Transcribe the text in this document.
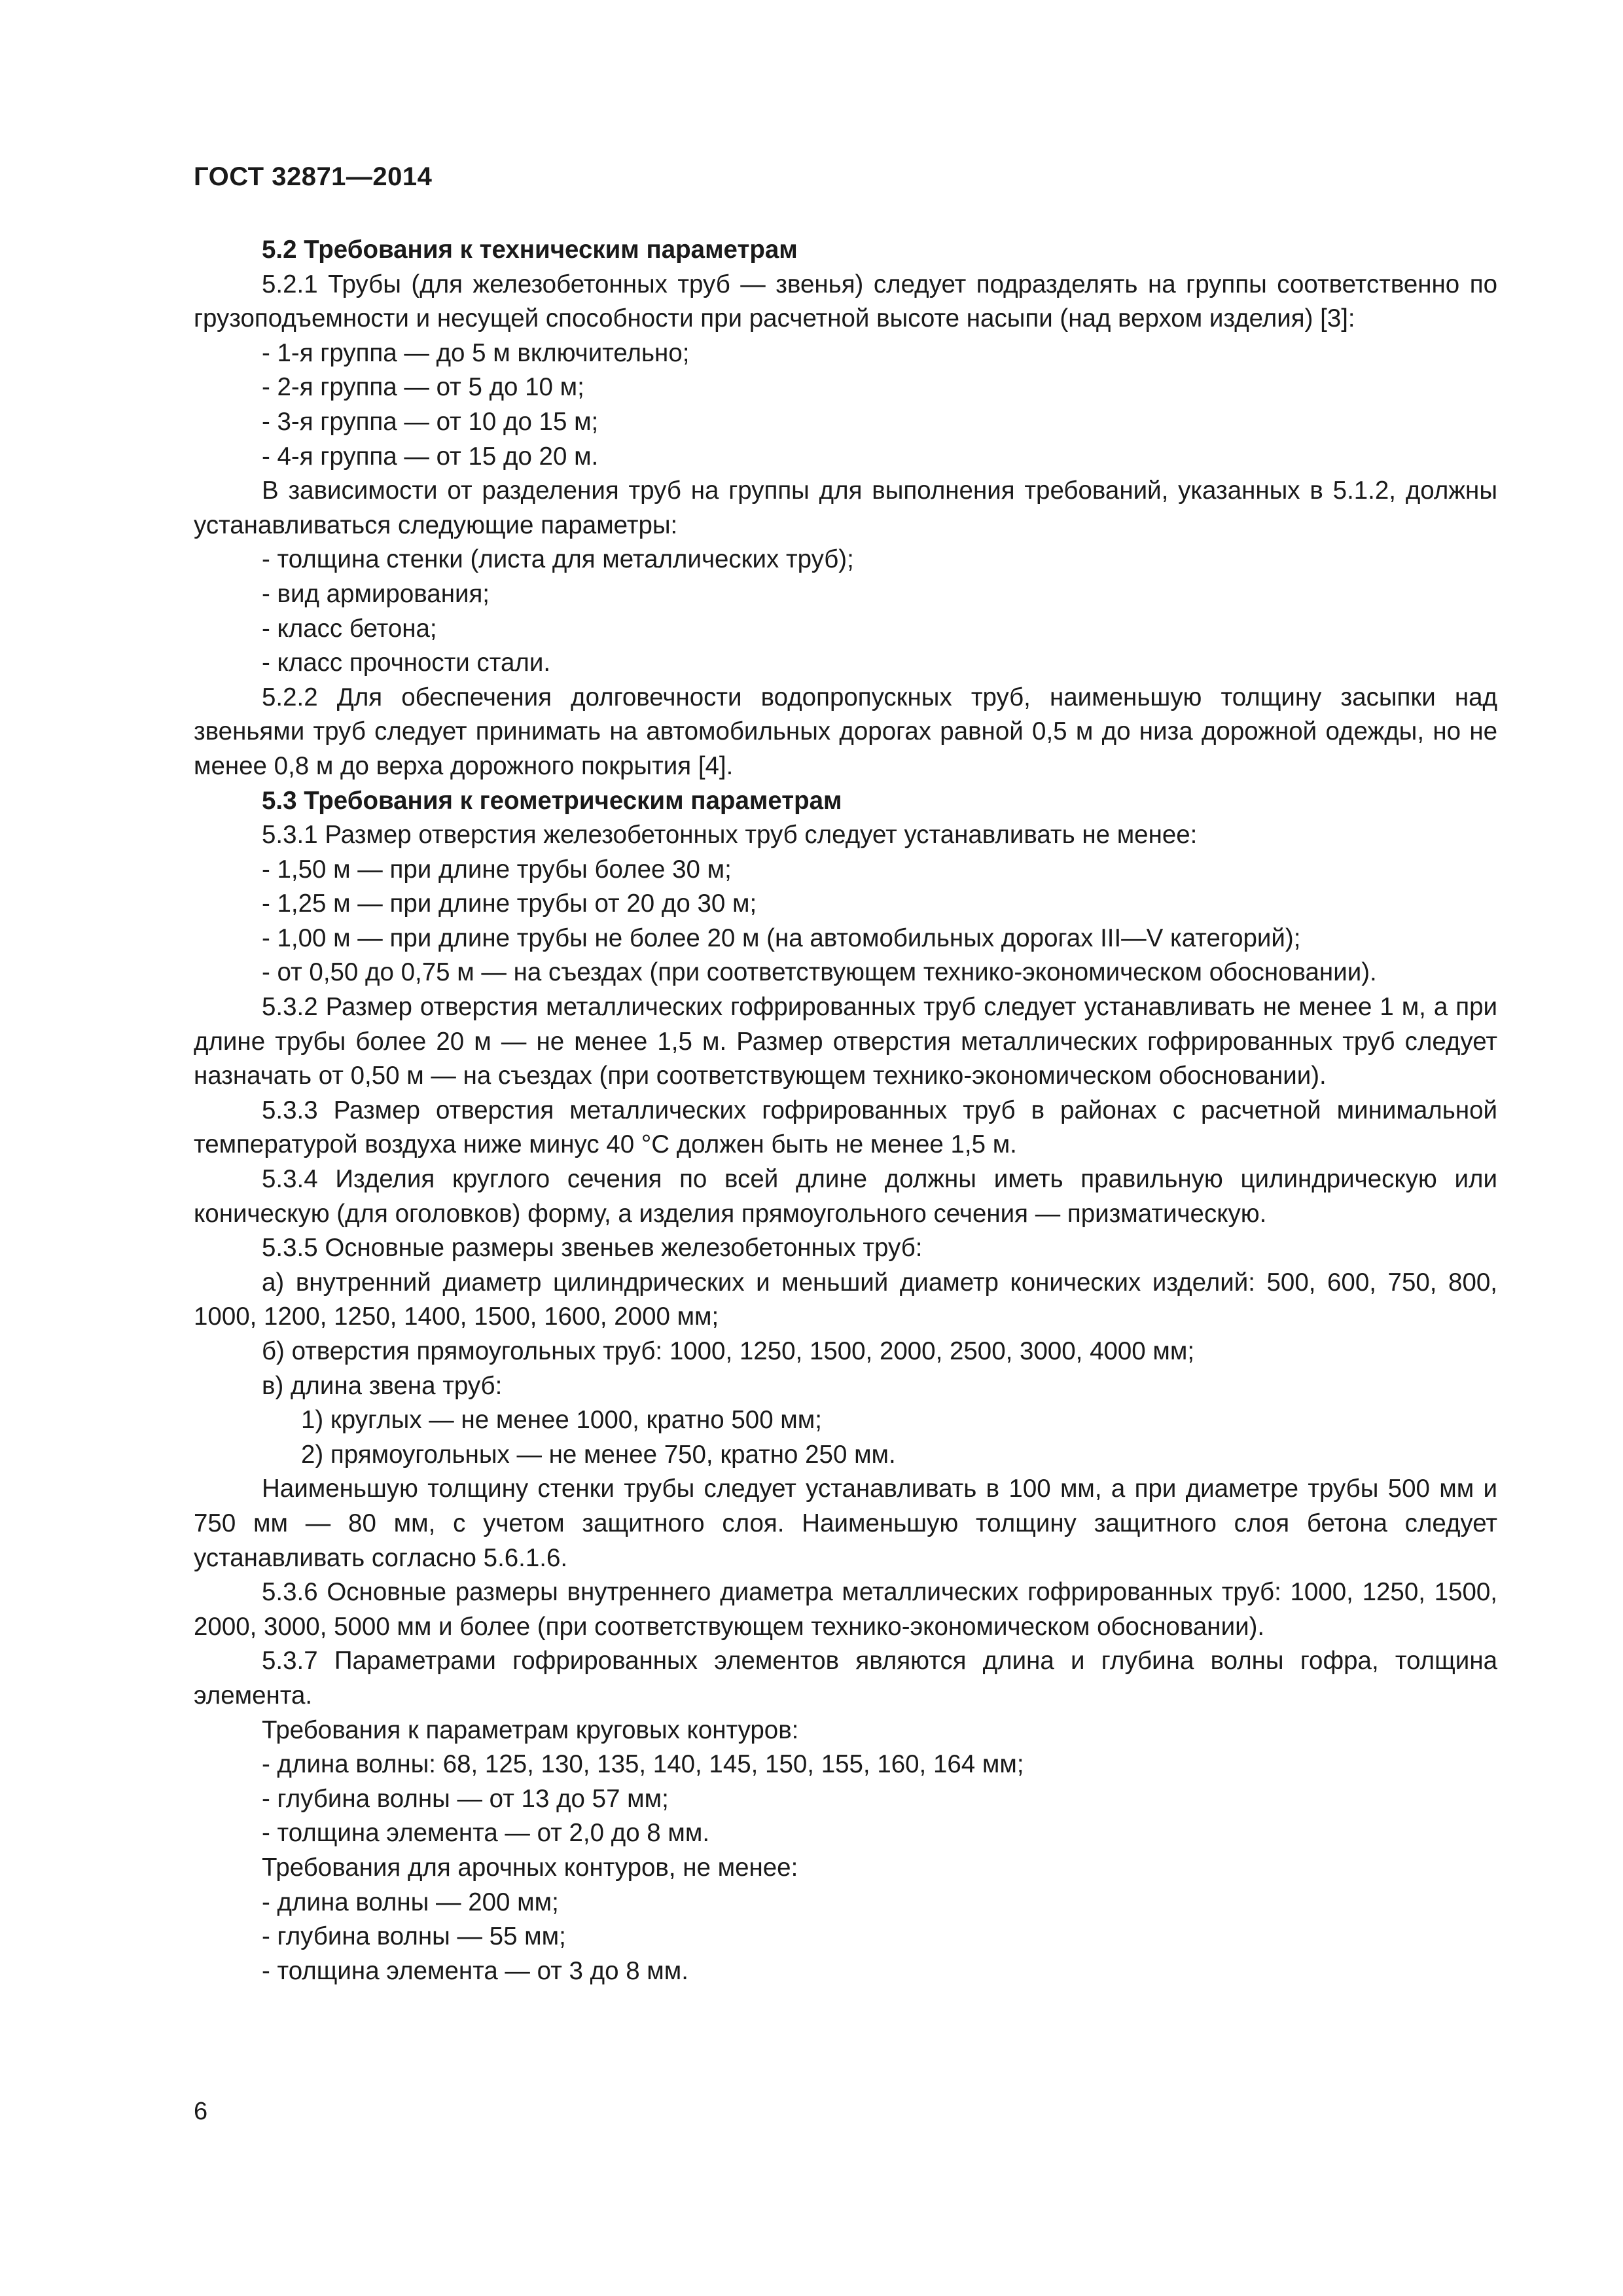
ГОСТ 32871—2014

5.2 Требования к техническим параметрам

5.2.1 Трубы (для железобетонных труб — звенья) следует подразделять на группы соответственно по грузоподъемности и несущей способности при расчетной высоте насыпи (над верхом изделия) [3]:

- 1-я группа — до 5 м включительно;

- 2-я группа — от 5 до 10 м;

- 3-я группа — от 10 до 15 м;

- 4-я группа — от 15 до 20 м.

В зависимости от разделения труб на группы для выполнения требований, указанных в 5.1.2, должны устанавливаться следующие параметры:

- толщина стенки (листа для металлических труб);

- вид армирования;

- класс бетона;

- класс прочности стали.

5.2.2 Для обеспечения долговечности водопропускных труб, наименьшую толщину засыпки над звеньями труб следует принимать на автомобильных дорогах равной 0,5 м до низа дорожной одежды, но не менее 0,8 м до верха дорожного покрытия [4].

5.3 Требования к геометрическим параметрам

5.3.1 Размер отверстия железобетонных труб следует устанавливать не менее:

- 1,50 м — при длине трубы более 30 м;

- 1,25 м — при длине трубы от 20 до 30 м;

- 1,00 м — при длине трубы не более 20 м (на автомобильных дорогах III—V категорий);

- от 0,50 до 0,75 м — на съездах (при соответствующем технико-экономическом обосновании).

5.3.2 Размер отверстия металлических гофрированных труб следует устанавливать не менее 1 м, а при длине трубы более 20 м — не менее 1,5 м. Размер отверстия металлических гофрированных труб следует назначать от 0,50 м — на съездах (при соответствующем технико-экономическом обосновании).

5.3.3 Размер отверстия металлических гофрированных труб в районах с расчетной минимальной температурой воздуха ниже минус 40 °С должен быть не менее 1,5 м.

5.3.4 Изделия круглого сечения по всей длине должны иметь правильную цилиндрическую или коническую (для оголовков) форму, а изделия прямоугольного сечения — призматическую.

5.3.5 Основные размеры звеньев железобетонных труб:

а) внутренний диаметр цилиндрических и меньший диаметр конических изделий: 500, 600, 750, 800, 1000, 1200, 1250, 1400, 1500, 1600, 2000 мм;

б) отверстия прямоугольных труб: 1000, 1250, 1500, 2000, 2500, 3000, 4000 мм;

в) длина звена труб:

1) круглых — не менее 1000, кратно 500 мм;

2) прямоугольных — не менее 750, кратно 250 мм.

Наименьшую толщину стенки трубы следует устанавливать в 100 мм, а при диаметре трубы 500 мм и 750 мм — 80 мм, с учетом защитного слоя. Наименьшую толщину защитного слоя бетона следует устанавливать согласно 5.6.1.6.

5.3.6 Основные размеры внутреннего диаметра металлических гофрированных труб: 1000, 1250, 1500, 2000, 3000, 5000 мм и более (при соответствующем технико-экономическом обосновании).

5.3.7 Параметрами гофрированных элементов являются длина и глубина волны гофра, толщина элемента.

Требования к параметрам круговых контуров:

- длина волны: 68, 125, 130, 135, 140, 145, 150, 155, 160, 164 мм;

- глубина волны — от 13 до 57 мм;

- толщина элемента — от 2,0 до 8 мм.

Требования для арочных контуров, не менее:

- длина волны — 200 мм;

- глубина волны — 55 мм;

- толщина элемента — от 3 до 8 мм.

6
